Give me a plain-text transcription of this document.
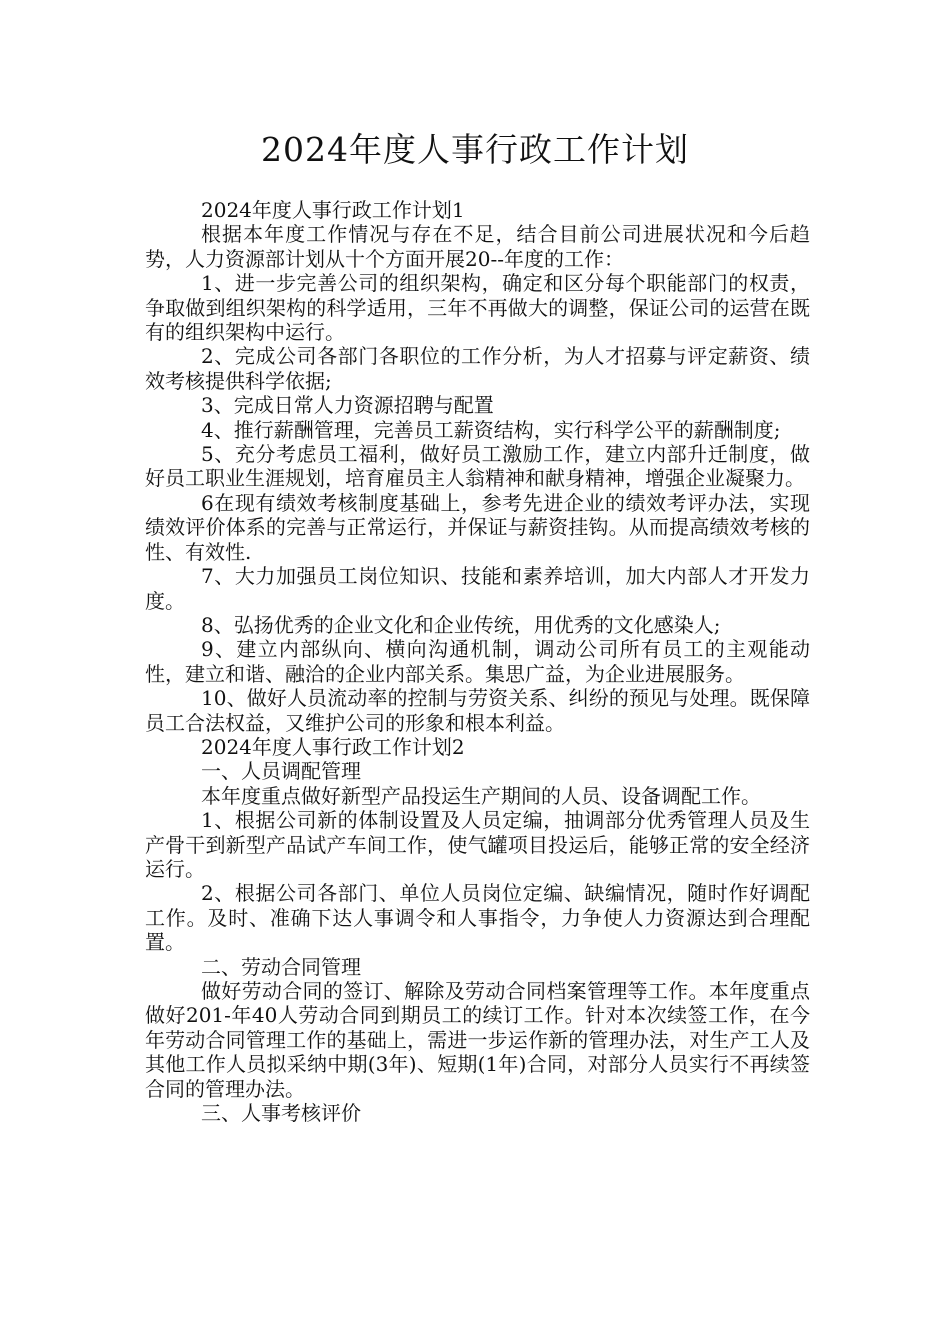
2024年度人事行政工作计划

2024年度人事行政工作计划1

根据本年度工作情况与存在不足，结合目前公司进展状况和今后趋势，人力资源部计划从十个方面开展20--年度的工作：

1、进一步完善公司的组织架构，确定和区分每个职能部门的权责，争取做到组织架构的科学适用，三年不再做大的调整，保证公司的运营在既有的组织架构中运行。

2、完成公司各部门各职位的工作分析，为人才招募与评定薪资、绩效考核提供科学依据;

3、完成日常人力资源招聘与配置

4、推行薪酬管理，完善员工薪资结构，实行科学公平的薪酬制度;

5、充分考虑员工福利，做好员工激励工作，建立内部升迁制度，做好员工职业生涯规划，培育雇员主人翁精神和献身精神，增强企业凝聚力。

6在现有绩效考核制度基础上，参考先进企业的绩效考评办法，实现绩效评价体系的完善与正常运行，并保证与薪资挂钩。从而提高绩效考核的性、有效性.

7、大力加强员工岗位知识、技能和素养培训，加大内部人才开发力度。

8、弘扬优秀的企业文化和企业传统，用优秀的文化感染人;

9、建立内部纵向、横向沟通机制，调动公司所有员工的主观能动性，建立和谐、融洽的企业内部关系。集思广益，为企业进展服务。

10、做好人员流动率的控制与劳资关系、纠纷的预见与处理。既保障员工合法权益，又维护公司的形象和根本利益。

2024年度人事行政工作计划2

一、人员调配管理

本年度重点做好新型产品投运生产期间的人员、设备调配工作。

1、根据公司新的体制设置及人员定编，抽调部分优秀管理人员及生产骨干到新型产品试产车间工作，使气罐项目投运后，能够正常的安全经济运行。

2、根据公司各部门、单位人员岗位定编、缺编情况，随时作好调配工作。及时、准确下达人事调令和人事指令，力争使人力资源达到合理配置。

二、劳动合同管理

做好劳动合同的签订、解除及劳动合同档案管理等工作。本年度重点做好201-年40人劳动合同到期员工的续订工作。针对本次续签工作，在今年劳动合同管理工作的基础上，需进一步运作新的管理办法，对生产工人及其他工作人员拟采纳中期(3年)、短期(1年)合同，对部分人员实行不再续签合同的管理办法。

三、人事考核评价
